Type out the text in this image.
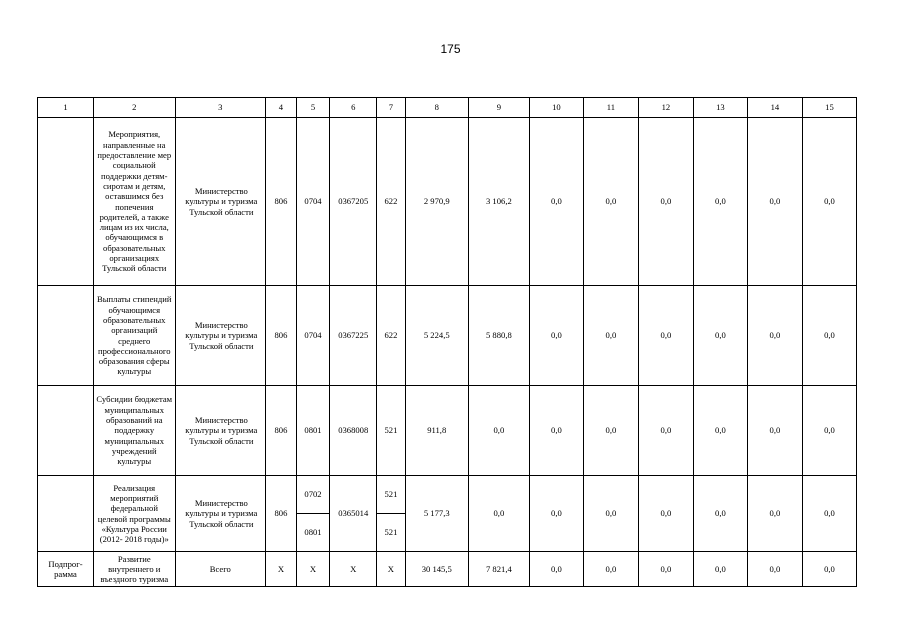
175
1	2	3	4	5	6	7	8	9	10	11	12	13	14	15
	Мероприятия, направленные на предоставление мер социальной поддержки детям-сиротам и детям, оставшимся без попечения родителей, а также лицам из их числа, обучающимся в образовательных организациях Тульской области	Министерство культуры и туризма Тульской области	806	0704	0367205	622	2 970,9	3 106,2	0,0	0,0	0,0	0,0	0,0	0,0
	Выплаты стипендий обучающимся образовательных организаций среднего профессионального образования сферы культуры	Министерство культуры и туризма Тульской области	806	0704	0367225	622	5 224,5	5 880,8	0,0	0,0	0,0	0,0	0,0	0,0
	Субсидии бюджетам муниципальных образований на поддержку муниципальных учреждений культуры	Министерство культуры и туризма Тульской области	806	0801	0368008	521	911,8	0,0	0,0	0,0	0,0	0,0	0,0	0,0
	Реализация мероприятий федеральной целевой программы «Культура России (2012- 2018 годы)»	Министерство культуры и туризма Тульской области	806	0702	0365014	521	5 177,3	0,0	0,0	0,0	0,0	0,0	0,0	0,0
				0801		521								
Подпрог-рамма	Развитие внутреннего и въездного туризма	Всего	Х	Х	Х	Х	30 145,5	7 821,4	0,0	0,0	0,0	0,0	0,0	0,0
